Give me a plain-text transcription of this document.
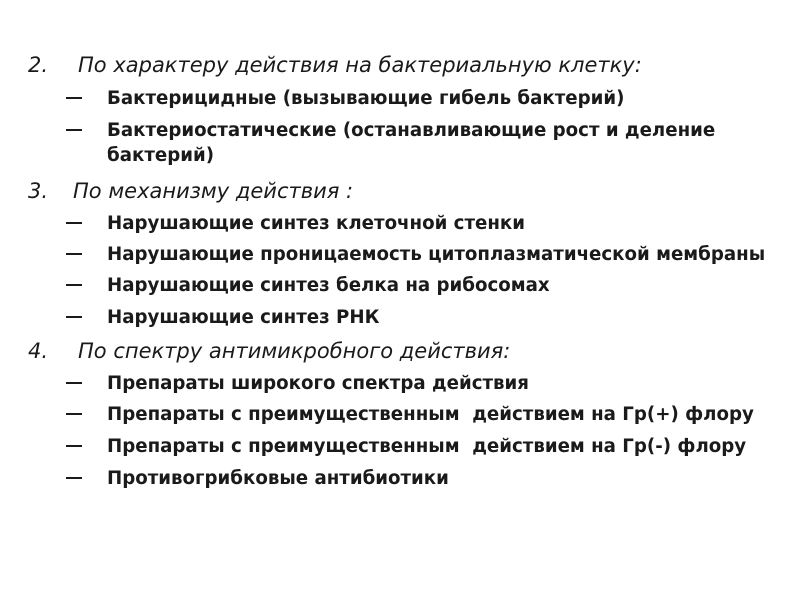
2. По характеру действия на бактериальную клетку:
Бактерицидные (вызывающие гибель бактерий)
Бактериостатические (останавливающие рост и деление бактерий)
3. По механизму действия :
Нарушающие синтез клеточной стенки
Нарушающие проницаемость цитоплазматической мембраны
Нарушающие синтез белка на рибосомах
Нарушающие синтез РНК
4. По спектру антимикробного действия:
Препараты широкого спектра действия
Препараты с преимущественным  действием на Гр(+) флору
Препараты с преимущественным  действием на Гр(-) флору
Противогрибковые антибиотики
